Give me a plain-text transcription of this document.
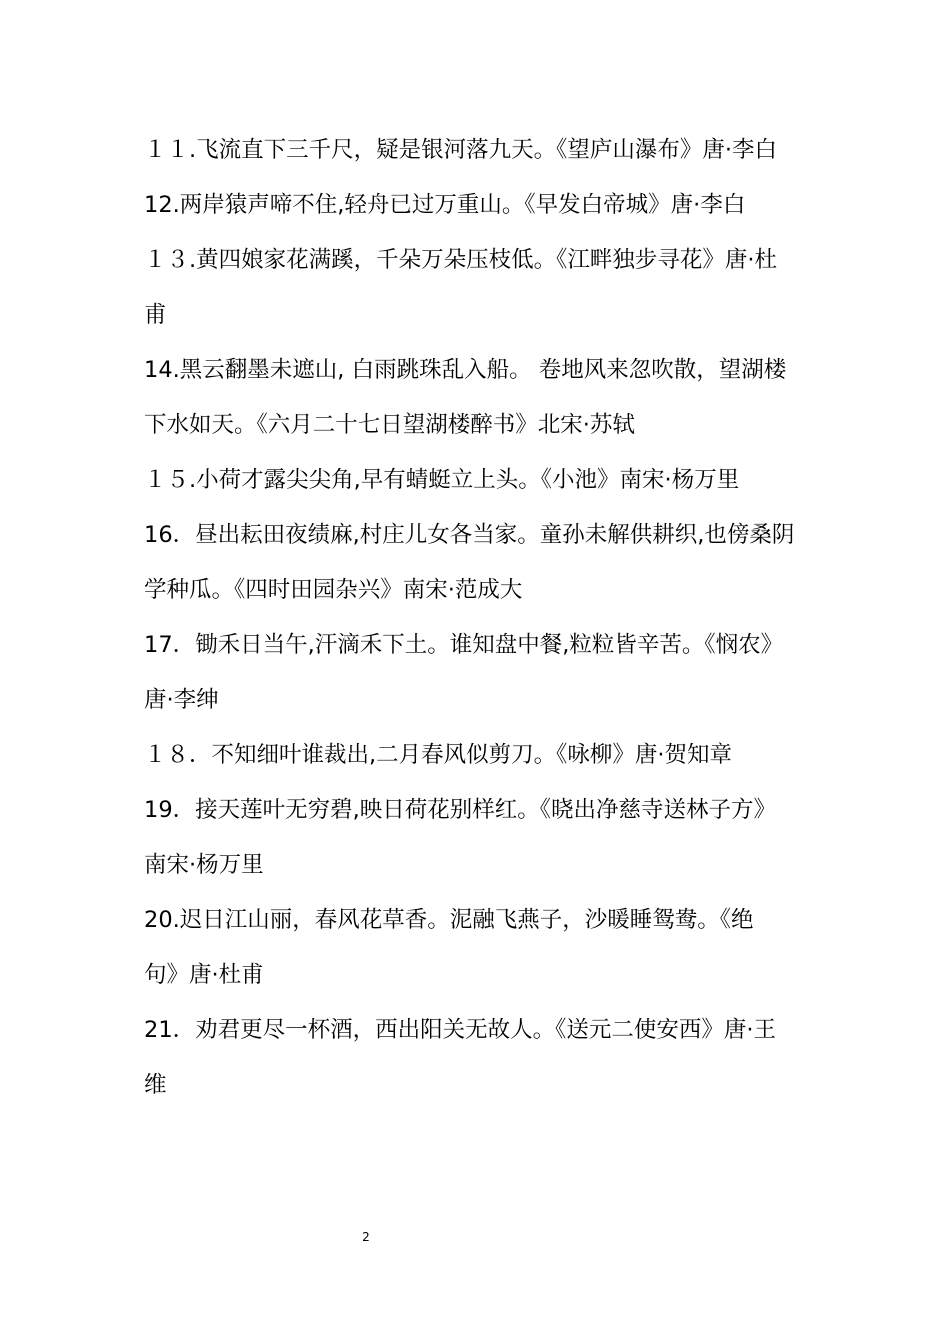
１１.飞流直下三千尺，疑是银河落九天。《望庐山瀑布》唐·李白
12.两岸猿声啼不住,轻舟已过万重山。《早发白帝城》唐·李白
１３.黄四娘家花满蹊，千朵万朵压枝低。《江畔独步寻花》唐·杜
甫
14.黑云翻墨未遮山, 白雨跳珠乱入船。 卷地风来忽吹散，望湖楼
下水如天。《六月二十七日望湖楼醉书》北宋·苏轼
１５.小荷才露尖尖角,早有蜻蜓立上头。《小池》南宋·杨万里
16．昼出耘田夜绩麻,村庄儿女各当家。童孙未解供耕织,也傍桑阴
学种瓜。《四时田园杂兴》南宋·范成大
17．锄禾日当午,汗滴禾下土。谁知盘中餐,粒粒皆辛苦。《悯农》
唐·李绅
１８．不知细叶谁裁出,二月春风似剪刀。《咏柳》唐·贺知章
19．接天莲叶无穷碧,映日荷花别样红。《晓出净慈寺送林子方》
南宋·杨万里
20.迟日江山丽，春风花草香。泥融飞燕子，沙暖睡鸳鸯。《绝
句》唐·杜甫
21．劝君更尽一杯酒，西出阳关无故人。《送元二使安西》唐·王
维
2
